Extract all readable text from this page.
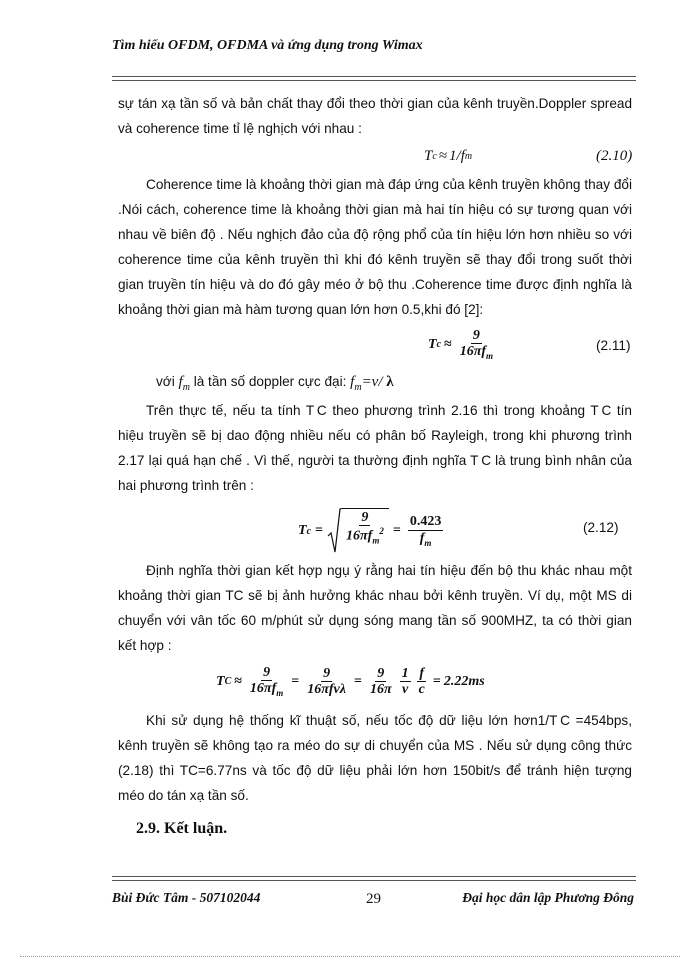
Tìm hiểu OFDM, OFDMA và ứng dụng trong Wimax
sự tán xạ tần số và bản chất thay đổi theo thời gian của kênh truyền.Doppler spread và coherence time tỉ lệ nghịch với nhau :
T c ≈ 1/f m	(2.10)
Coherence time là khoảng thời gian mà đáp ứng của kênh truyền không thay đổi .Nói cách, coherence time là khoảng thời gian mà hai tín hiệu có sự tương quan với nhau về biên độ . Nếu nghịch đảo của độ rộng phổ của tín hiệu lớn hơn nhiều so với coherence time của kênh truyền thì khi đó kênh truyền sẽ thay đổi trong suốt thời gian truyền tín hiệu và do đó gây méo ở bộ thu .Coherence time được định nghĩa là khoảng thời gian mà hàm tương quan lớn hơn 0.5,khi đó [2]:
T $c \approx \frac{9}{16\pi f_m}$	(2.11)
với $f_m$ là tần số doppler cực đại: $f_m=v/$ λ
Trên thực tế, nếu ta tính T C theo phương trình 2.16 thì trong khoảng T C tín hiệu truyền sẽ bị dao động nhiều nếu có phân bố Rayleigh, trong khi phương trình 2.17 lại quá hạn chế . Vì thế, người ta thường định nghĩa T C là trung bình nhân của hai phương trình trên :
T $c = \frac{9}{16\pi f_m^2} = \frac{0.423}{f_m}$	(2.12)
Định nghĩa thời gian kết hợp ngụ ý rằng hai tín hiệu đến bộ thu khác nhau một khoảng thời gian TC sẽ bị ảnh hưởng khác nhau bởi kênh truyền. Ví dụ, một MS di chuyển với vân tốc 60 m/phút sử dụng sóng mang tần số 900MHZ, ta có thời gian kết hợp :
T $C \approx \frac{9}{16\pi f_m} = \frac{9}{\text{16πfvλ}} = \frac{9}{16\pi} \frac{1}{v} \frac{f}{c} = 2.22ms$
Khi sử dụng hệ thống kĩ thuật số, nếu tốc độ dữ liệu lớn hơn1/T C =454bps, kênh truyền sẽ không tạo ra méo do sự di chuyển của MS . Nếu sử dụng công thức (2.18) thì TC=6.77ns và tốc độ dữ liệu phải lớn hơn 150bit/s để tránh hiện tượng méo do tán xạ tần số.
2.9. Kết luận.
Bùi Đức Tâm - 507102044	29	Đại học dân lập Phương Đông
